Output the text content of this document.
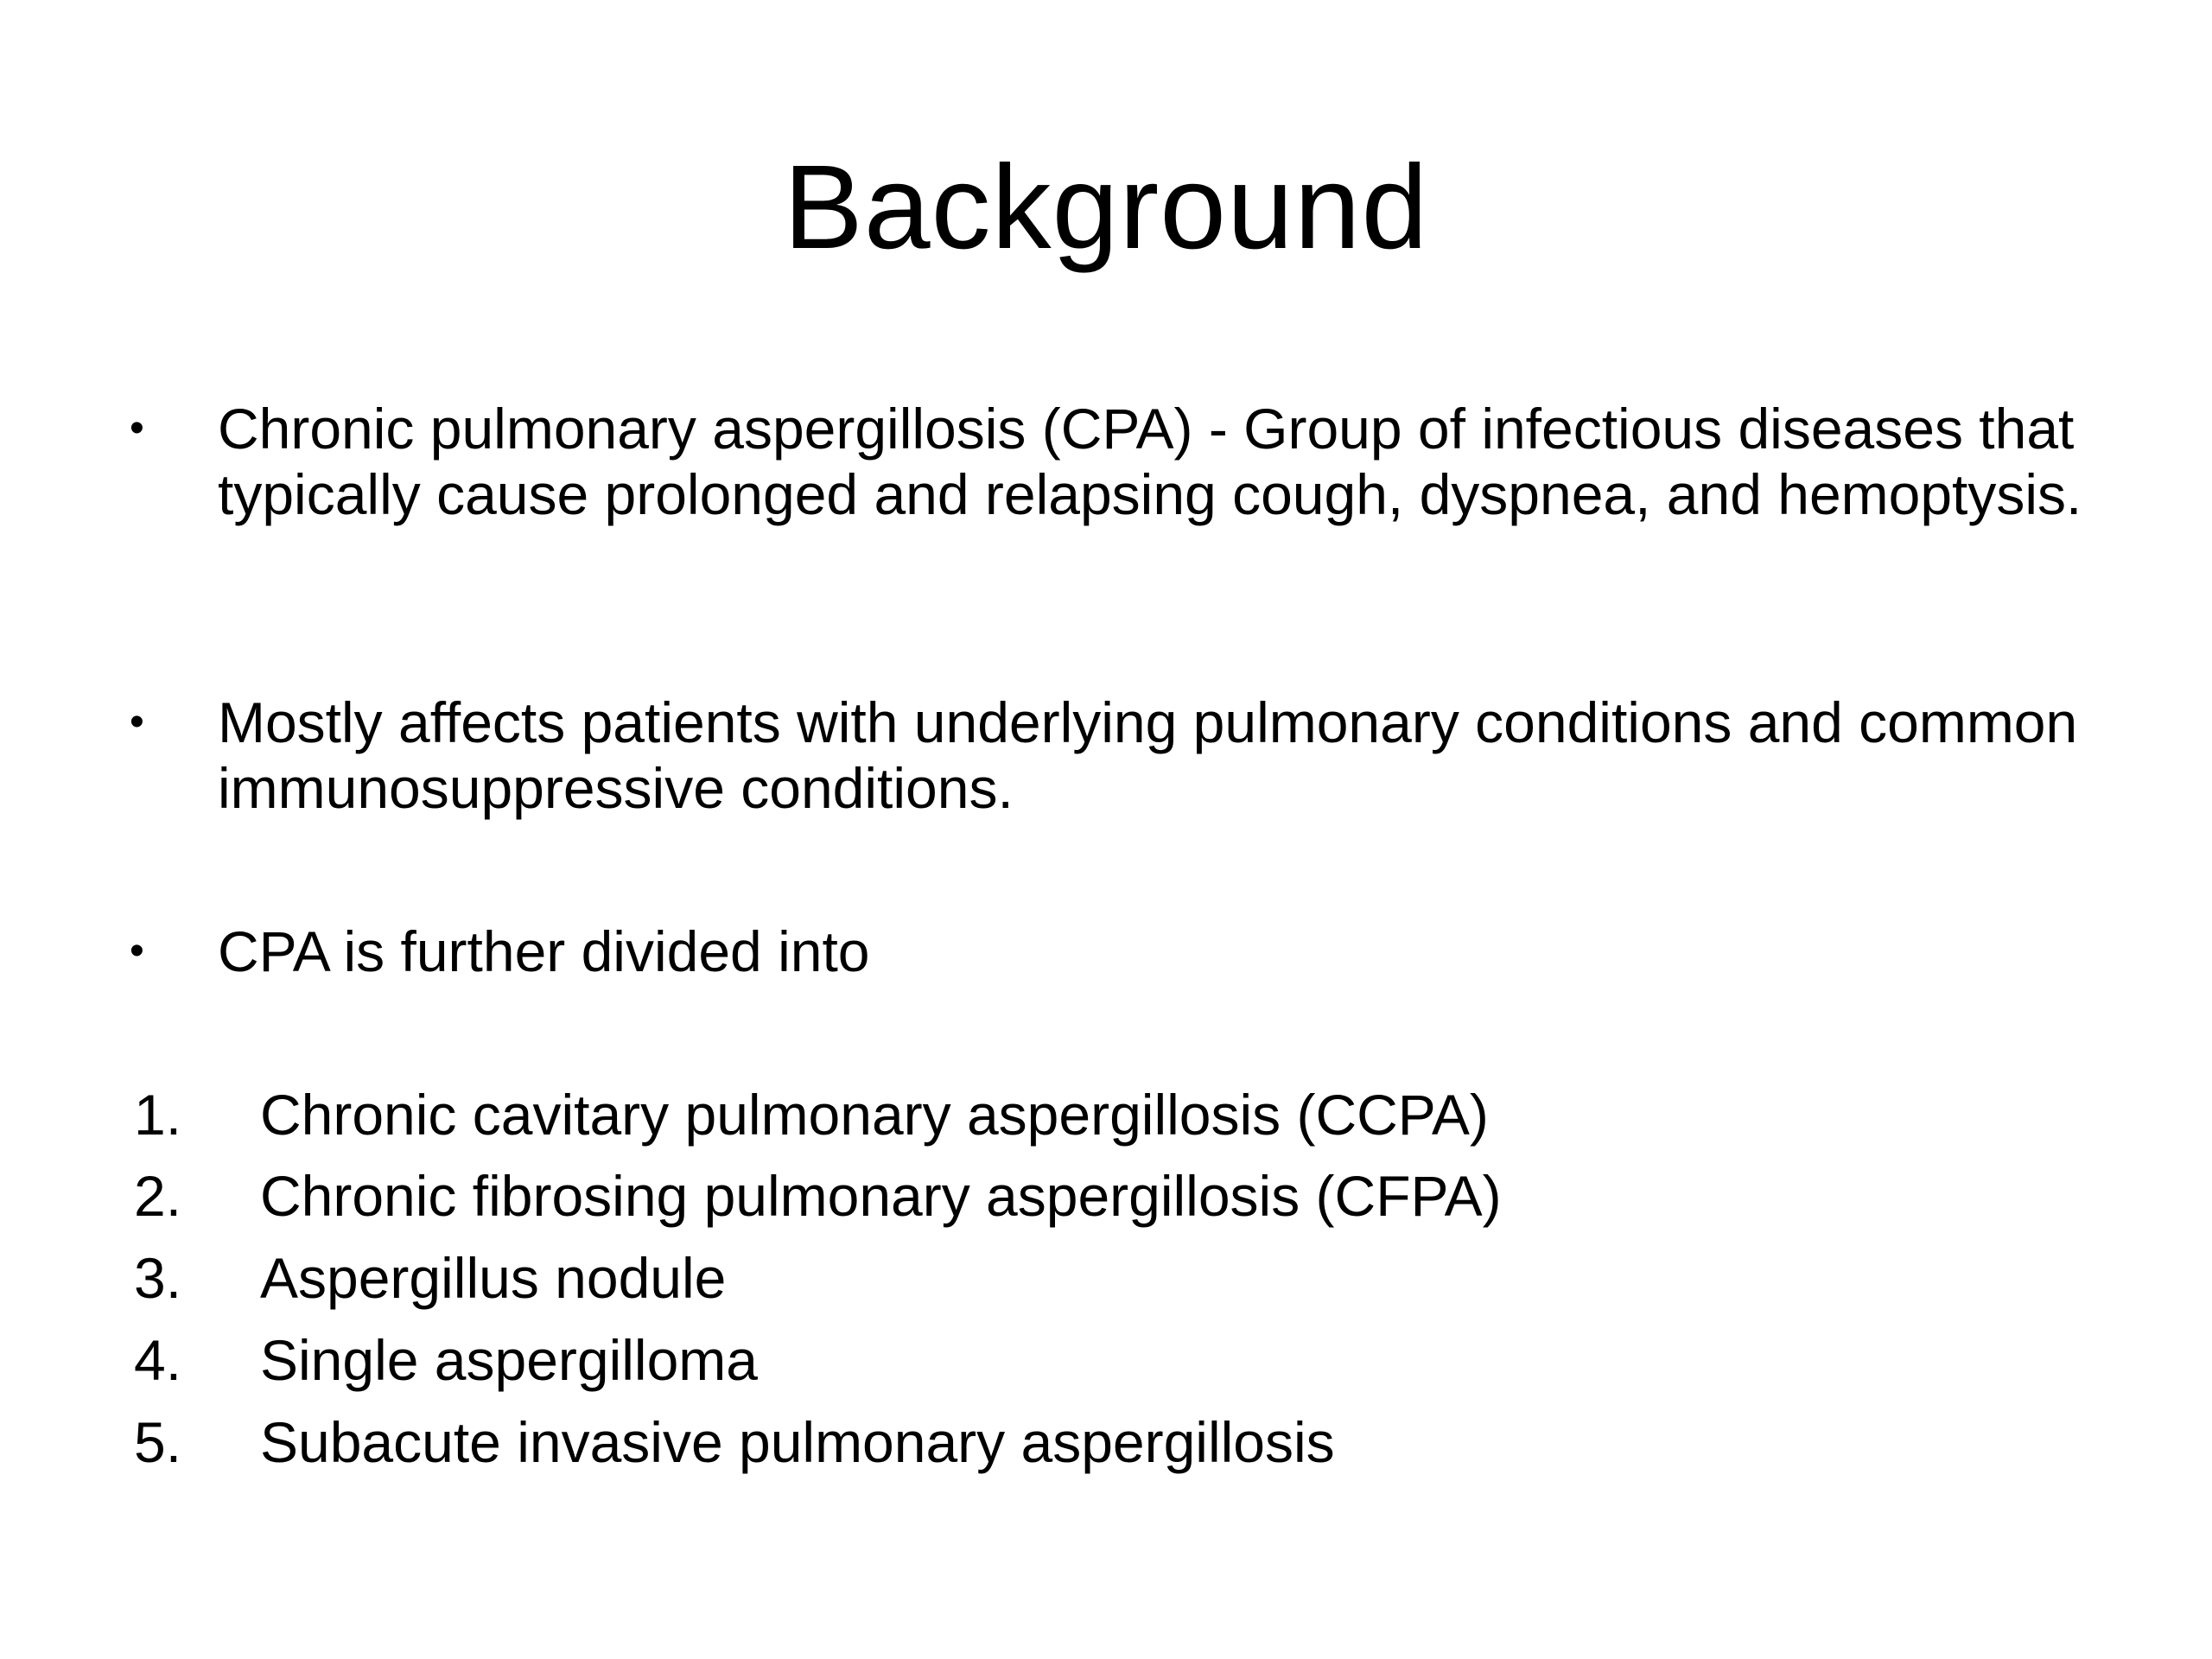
Background
•	Chronic pulmonary aspergillosis (CPA) - Group of infectious diseases that typically cause prolonged and relapsing cough, dyspnea, and hemoptysis.
•	Mostly affects patients with underlying pulmonary conditions and common immunosuppressive conditions.
•	CPA is further divided into
1.	Chronic cavitary pulmonary aspergillosis (CCPA)
2.	Chronic fibrosing pulmonary aspergillosis (CFPA)
3.	Aspergillus nodule
4.	Single aspergilloma
5.	Subacute invasive pulmonary aspergillosis
